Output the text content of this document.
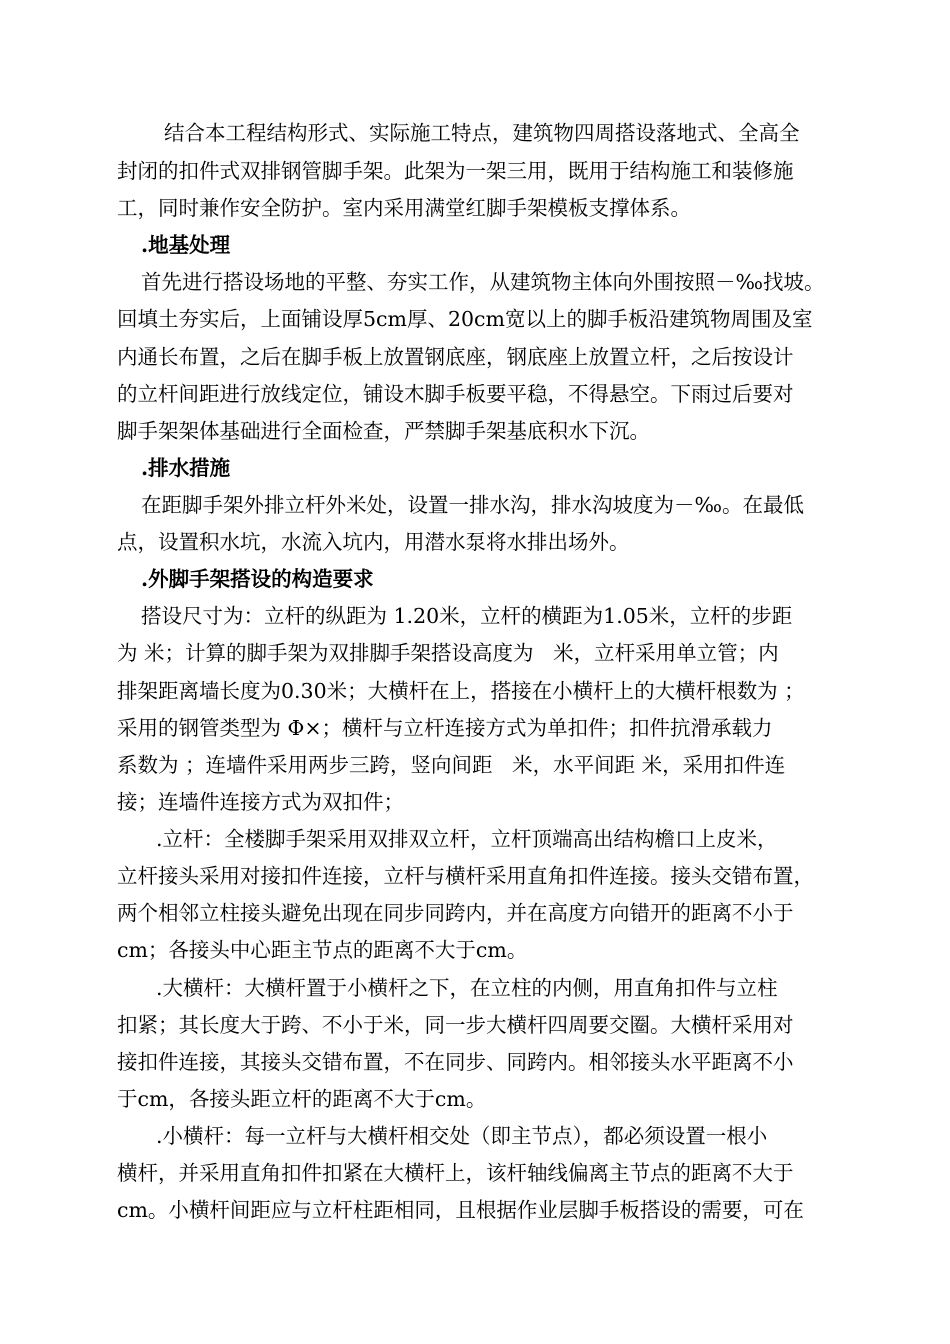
结合本工程结构形式、实际施工特点，建筑物四周搭设落地式、全高全
封闭的扣件式双排钢管脚手架。此架为一架三用，既用于结构施工和装修施
工，同时兼作安全防护。室内采用满堂红脚手架模板支撑体系。
.地基处理
首先进行搭设场地的平整、夯实工作，从建筑物主体向外围按照－‰找坡。
回填土夯实后，上面铺设厚5cm厚、20cm宽以上的脚手板沿建筑物周围及室
内通长布置，之后在脚手板上放置钢底座，钢底座上放置立杆，之后按设计
的立杆间距进行放线定位，铺设木脚手板要平稳，不得悬空。下雨过后要对
脚手架架体基础进行全面检查，严禁脚手架基底积水下沉。
.排水措施
在距脚手架外排立杆外米处，设置一排水沟，排水沟坡度为－‰。在最低
点，设置积水坑，水流入坑内，用潜水泵将水排出场外。
.外脚手架搭设的构造要求
搭设尺寸为：立杆的纵距为 1.20米，立杆的横距为1.05米，立杆的步距
为 米；计算的脚手架为双排脚手架搭设高度为   米，立杆采用单立管；内
排架距离墙长度为0.30米；大横杆在上，搭接在小横杆上的大横杆根数为 ；
采用的钢管类型为 Φ×；横杆与立杆连接方式为单扣件；扣件抗滑承载力
系数为 ；连墙件采用两步三跨，竖向间距   米，水平间距 米，采用扣件连
接；连墙件连接方式为双扣件；
.立杆：全楼脚手架采用双排双立杆，立杆顶端高出结构檐口上皮米，
立杆接头采用对接扣件连接，立杆与横杆采用直角扣件连接。接头交错布置，
两个相邻立柱接头避免出现在同步同跨内，并在高度方向错开的距离不小于
cm；各接头中心距主节点的距离不大于cm。
.大横杆：大横杆置于小横杆之下，在立柱的内侧，用直角扣件与立柱
扣紧；其长度大于跨、不小于米，同一步大横杆四周要交圈。大横杆采用对
接扣件连接，其接头交错布置，不在同步、同跨内。相邻接头水平距离不小
于cm，各接头距立杆的距离不大于cm。
.小横杆：每一立杆与大横杆相交处（即主节点），都必须设置一根小
横杆，并采用直角扣件扣紧在大横杆上，该杆轴线偏离主节点的距离不大于
cm。小横杆间距应与立杆柱距相同，且根据作业层脚手板搭设的需要，可在
